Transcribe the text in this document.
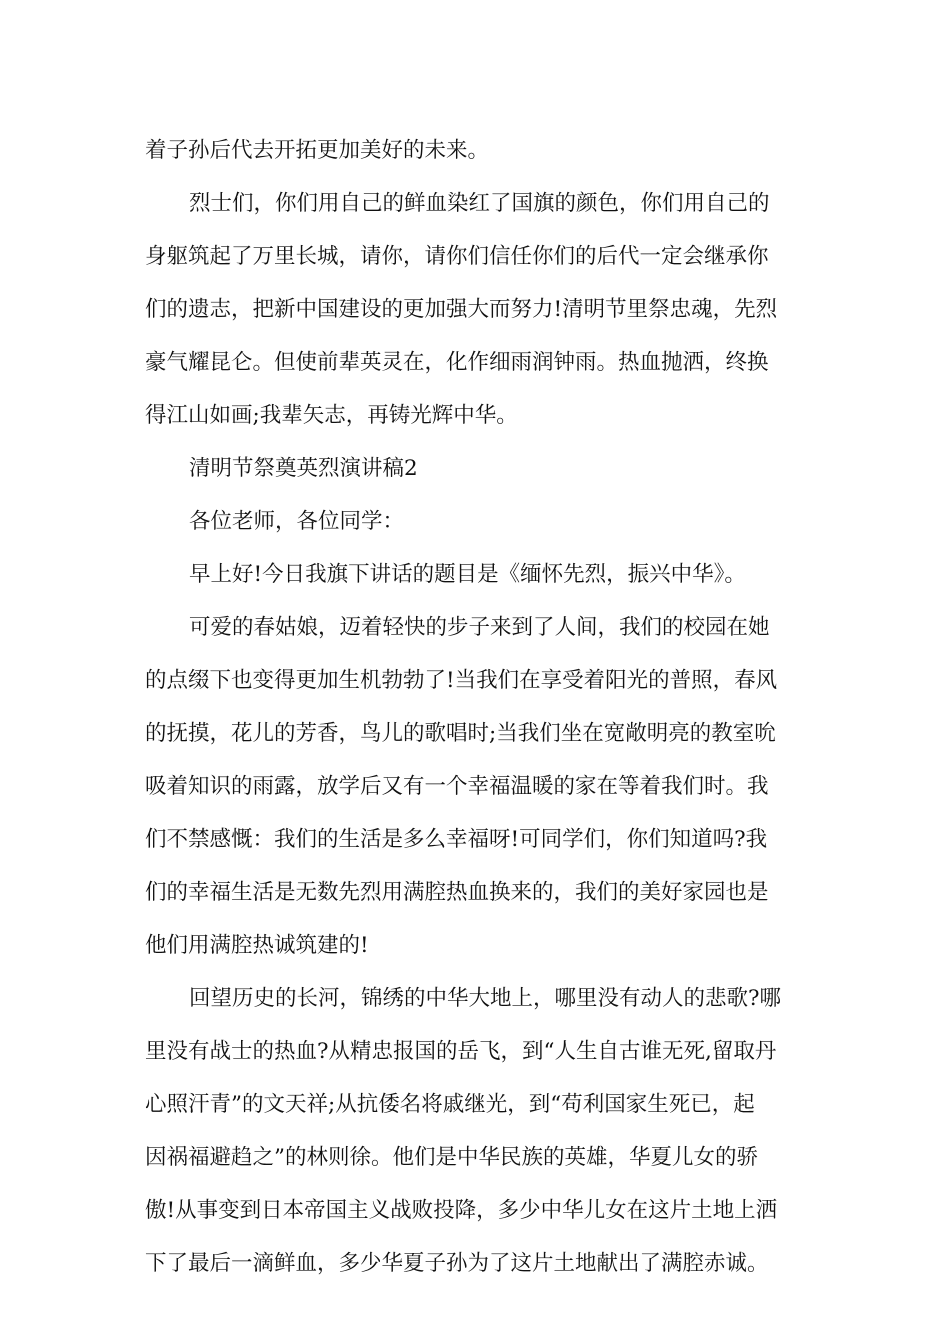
着子孙后代去开拓更加美好的未来。
烈士们，你们用自己的鲜血染红了国旗的颜色，你们用自己的
身躯筑起了万里长城，请你，请你们信任你们的后代一定会继承你
们的遗志，把新中国建设的更加强大而努力!清明节里祭忠魂，先烈
豪气耀昆仑。但使前辈英灵在，化作细雨润钟雨。热血抛洒，终换
得江山如画;我辈矢志，再铸光辉中华。
清明节祭奠英烈演讲稿2
各位老师，各位同学：
早上好!今日我旗下讲话的题目是《缅怀先烈，振兴中华》。
可爱的春姑娘，迈着轻快的步子来到了人间，我们的校园在她
的点缀下也变得更加生机勃勃了!当我们在享受着阳光的普照，春风
的抚摸，花儿的芳香，鸟儿的歌唱时;当我们坐在宽敞明亮的教室吮
吸着知识的雨露，放学后又有一个幸福温暖的家在等着我们时。我
们不禁感慨：我们的生活是多么幸福呀!可同学们，你们知道吗?我
们的幸福生活是无数先烈用满腔热血换来的，我们的美好家园也是
他们用满腔热诚筑建的!
回望历史的长河，锦绣的中华大地上，哪里没有动人的悲歌?哪
里没有战士的热血?从精忠报国的岳飞，到“人生自古谁无死,留取丹
心照汗青”的文天祥;从抗倭名将戚继光，到“苟利国家生死已，起
因祸福避趋之”的林则徐。他们是中华民族的英雄，华夏儿女的骄
傲!从事变到日本帝国主义战败投降，多少中华儿女在这片土地上洒
下了最后一滴鲜血，多少华夏子孙为了这片土地献出了满腔赤诚。
